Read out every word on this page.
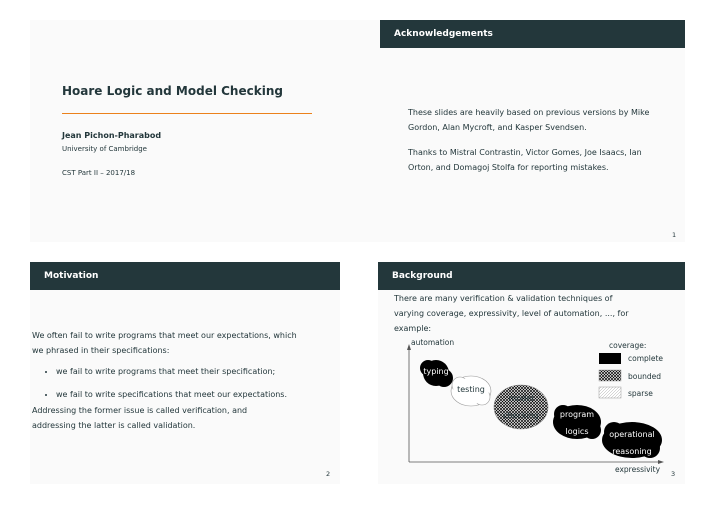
Acknowledgements
Hoare Logic and Model Checking
Jean Pichon-Pharabod
University of Cambridge
CST Part II – 2017/18
These slides are heavily based on previous versions by Mike Gordon, Alan Mycroft, and Kasper Svendsen.
Thanks to Mistral Contrastin, Victor Gomes, Joe Isaacs, Ian Orton, and Domagoj Stolfa for reporting mistakes.
1
Motivation
We often fail to write programs that meet our expectations, which we phrased in their specifications:
• we fail to write programs that meet their specification;
• we fail to write specifications that meet our expectations.
Addressing the former issue is called verification, and addressing the latter is called validation.
2
Background
There are many verification & validation techniques of varying coverage, expressivity, level of automation, ..., for example:
automation
expressivity
coverage:
complete
bounded
sparse
typing
testing
model checking	program logics	operational reasoning
3
